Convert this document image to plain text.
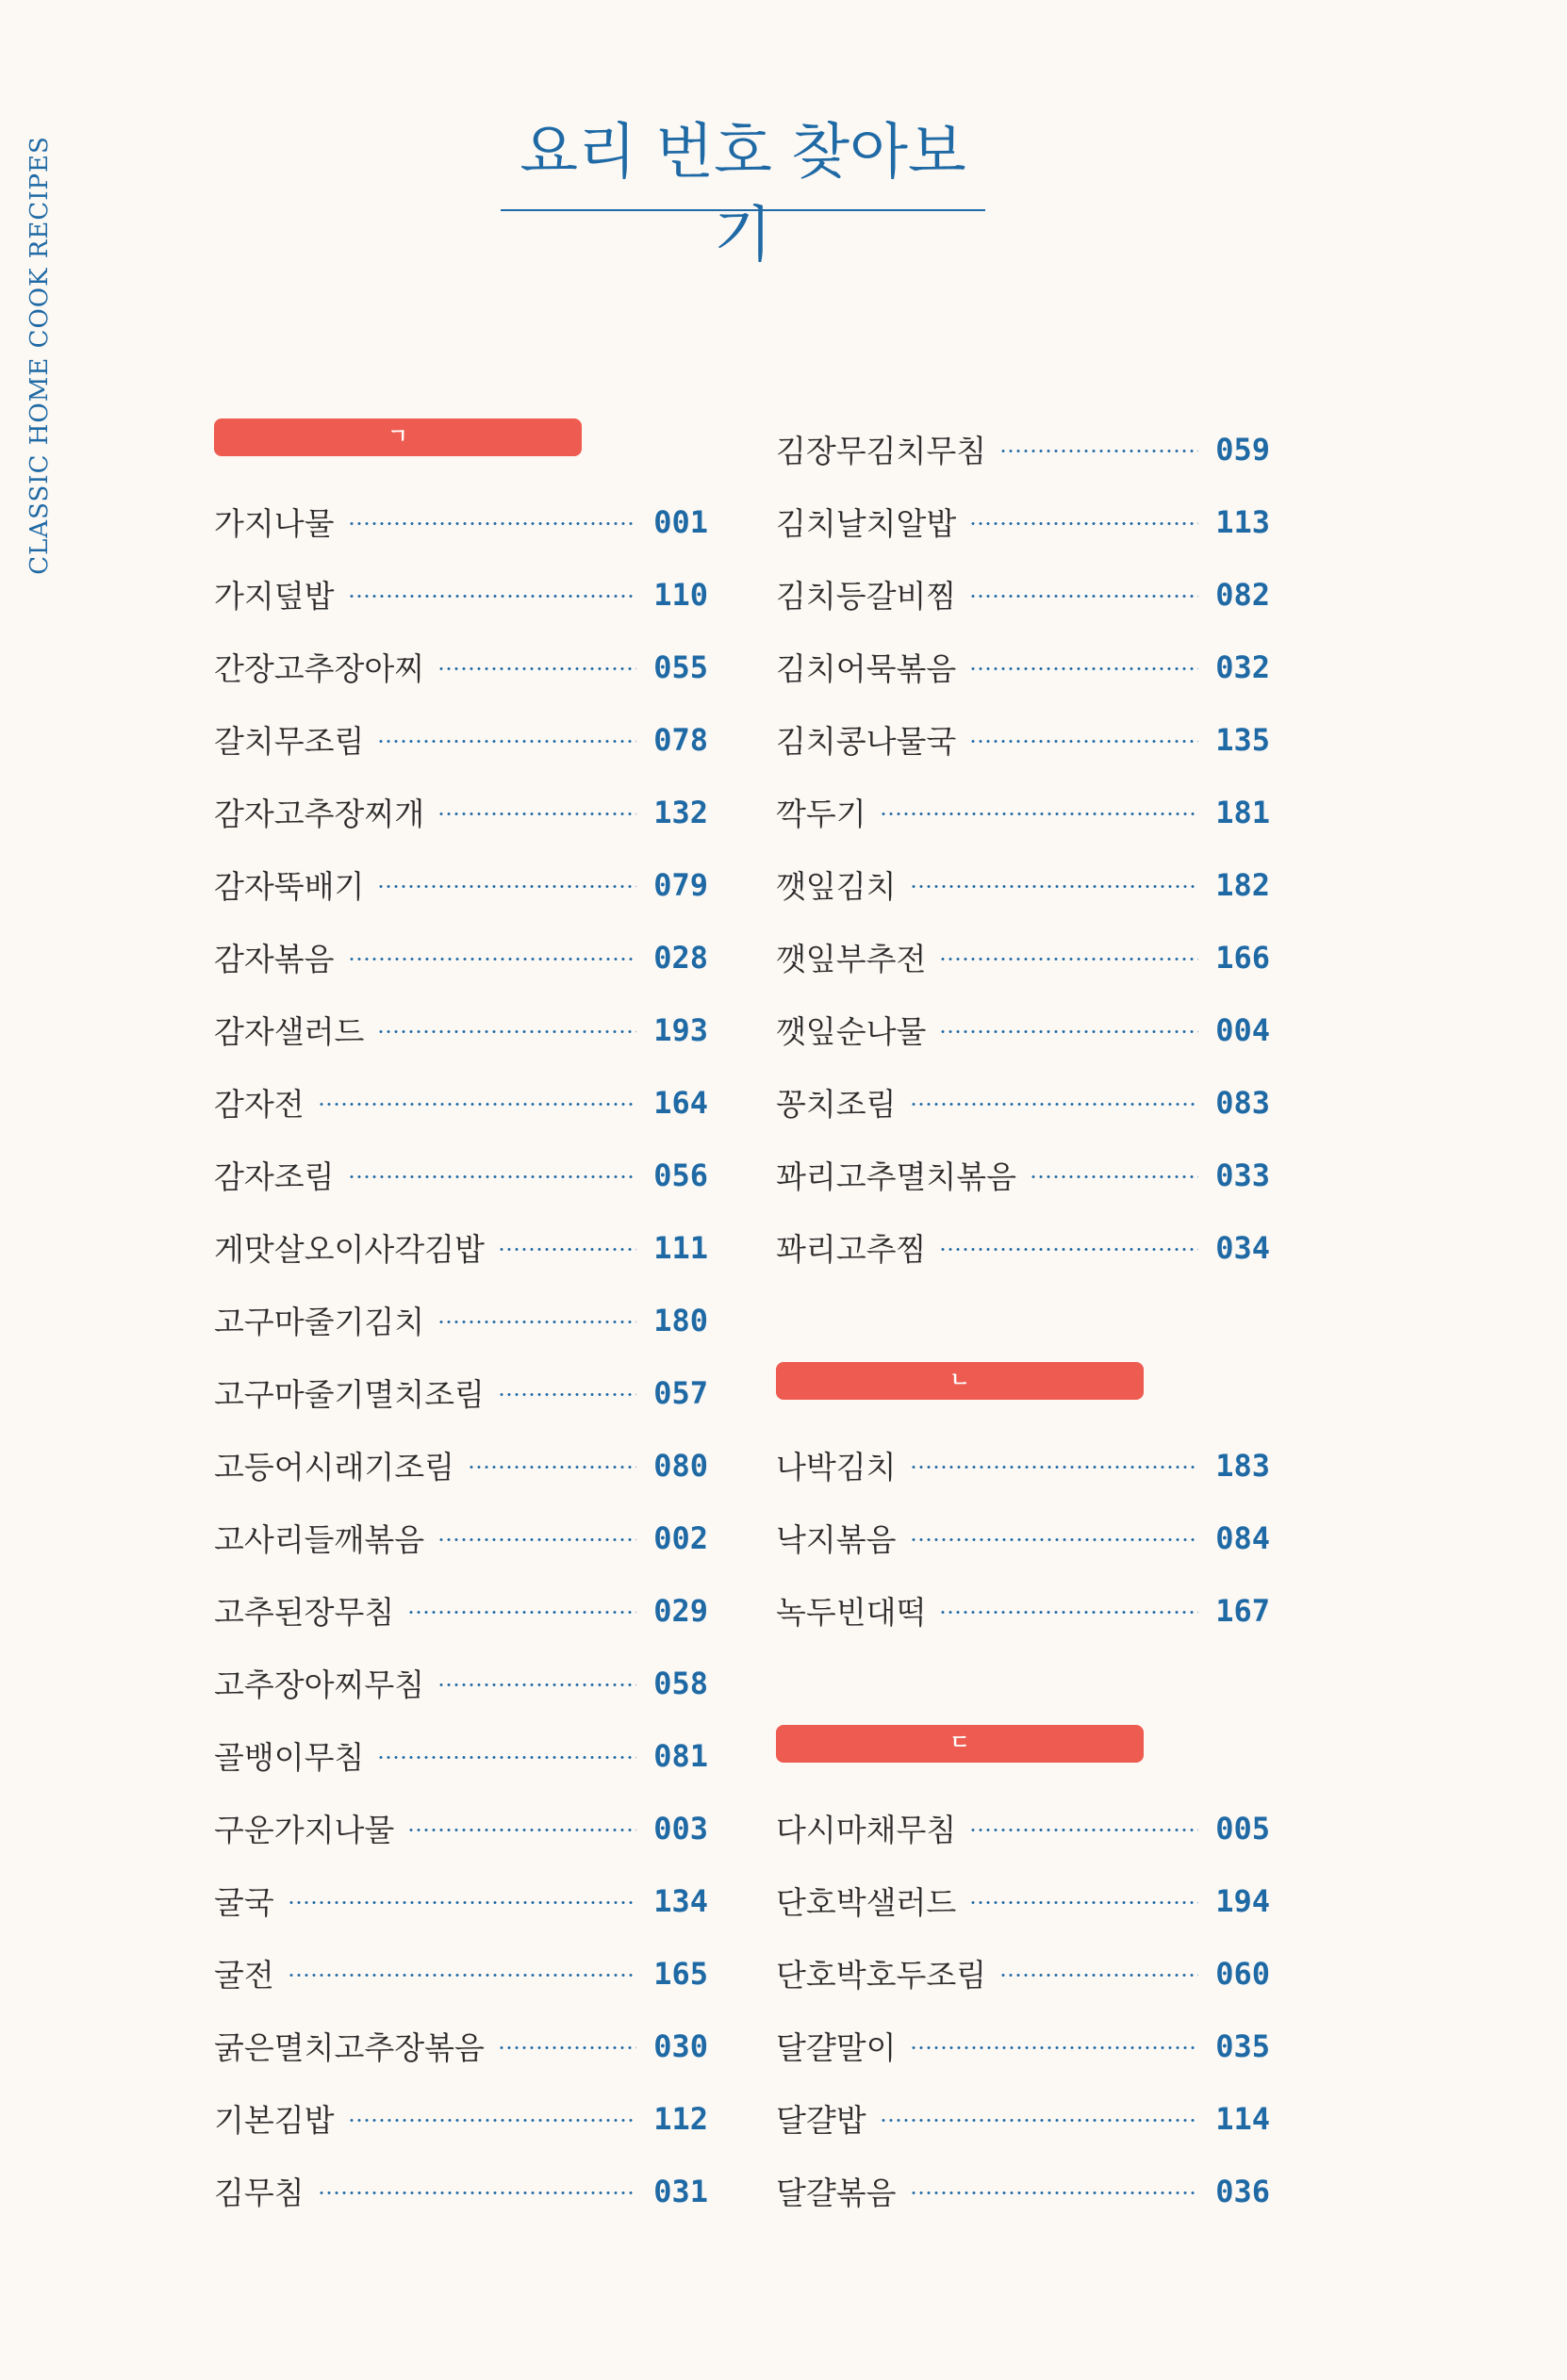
CLASSIC HOME COOK RECIPES	요리 번호 찾아보기
ㄱ
가지나물	001
가지덮밥	110
간장고추장아찌	055
갈치무조림	078
감자고추장찌개	132
감자뚝배기	079
감자볶음	028
감자샐러드	193
감자전	164
감자조림	056
게맛살오이사각김밥	111
고구마줄기김치	180
고구마줄기멸치조림	057
고등어시래기조림	080
고사리들깨볶음	002
고추된장무침	029
고추장아찌무침	058
골뱅이무침	081
구운가지나물	003
굴국	134
굴전	165
굵은멸치고추장볶음	030
기본김밥	112
김무침	031
김장무김치무침	059
김치날치알밥	113
김치등갈비찜	082
김치어묵볶음	032
김치콩나물국	135
깍두기	181
깻잎김치	182
깻잎부추전	166
깻잎순나물	004
꽁치조림	083
꽈리고추멸치볶음	033
꽈리고추찜	034
ㄴ
나박김치	183
낙지볶음	084
녹두빈대떡	167
ㄷ
다시마채무침	005
단호박샐러드	194
단호박호두조림	060
달걀말이	035
달걀밥	114
달걀볶음	036
